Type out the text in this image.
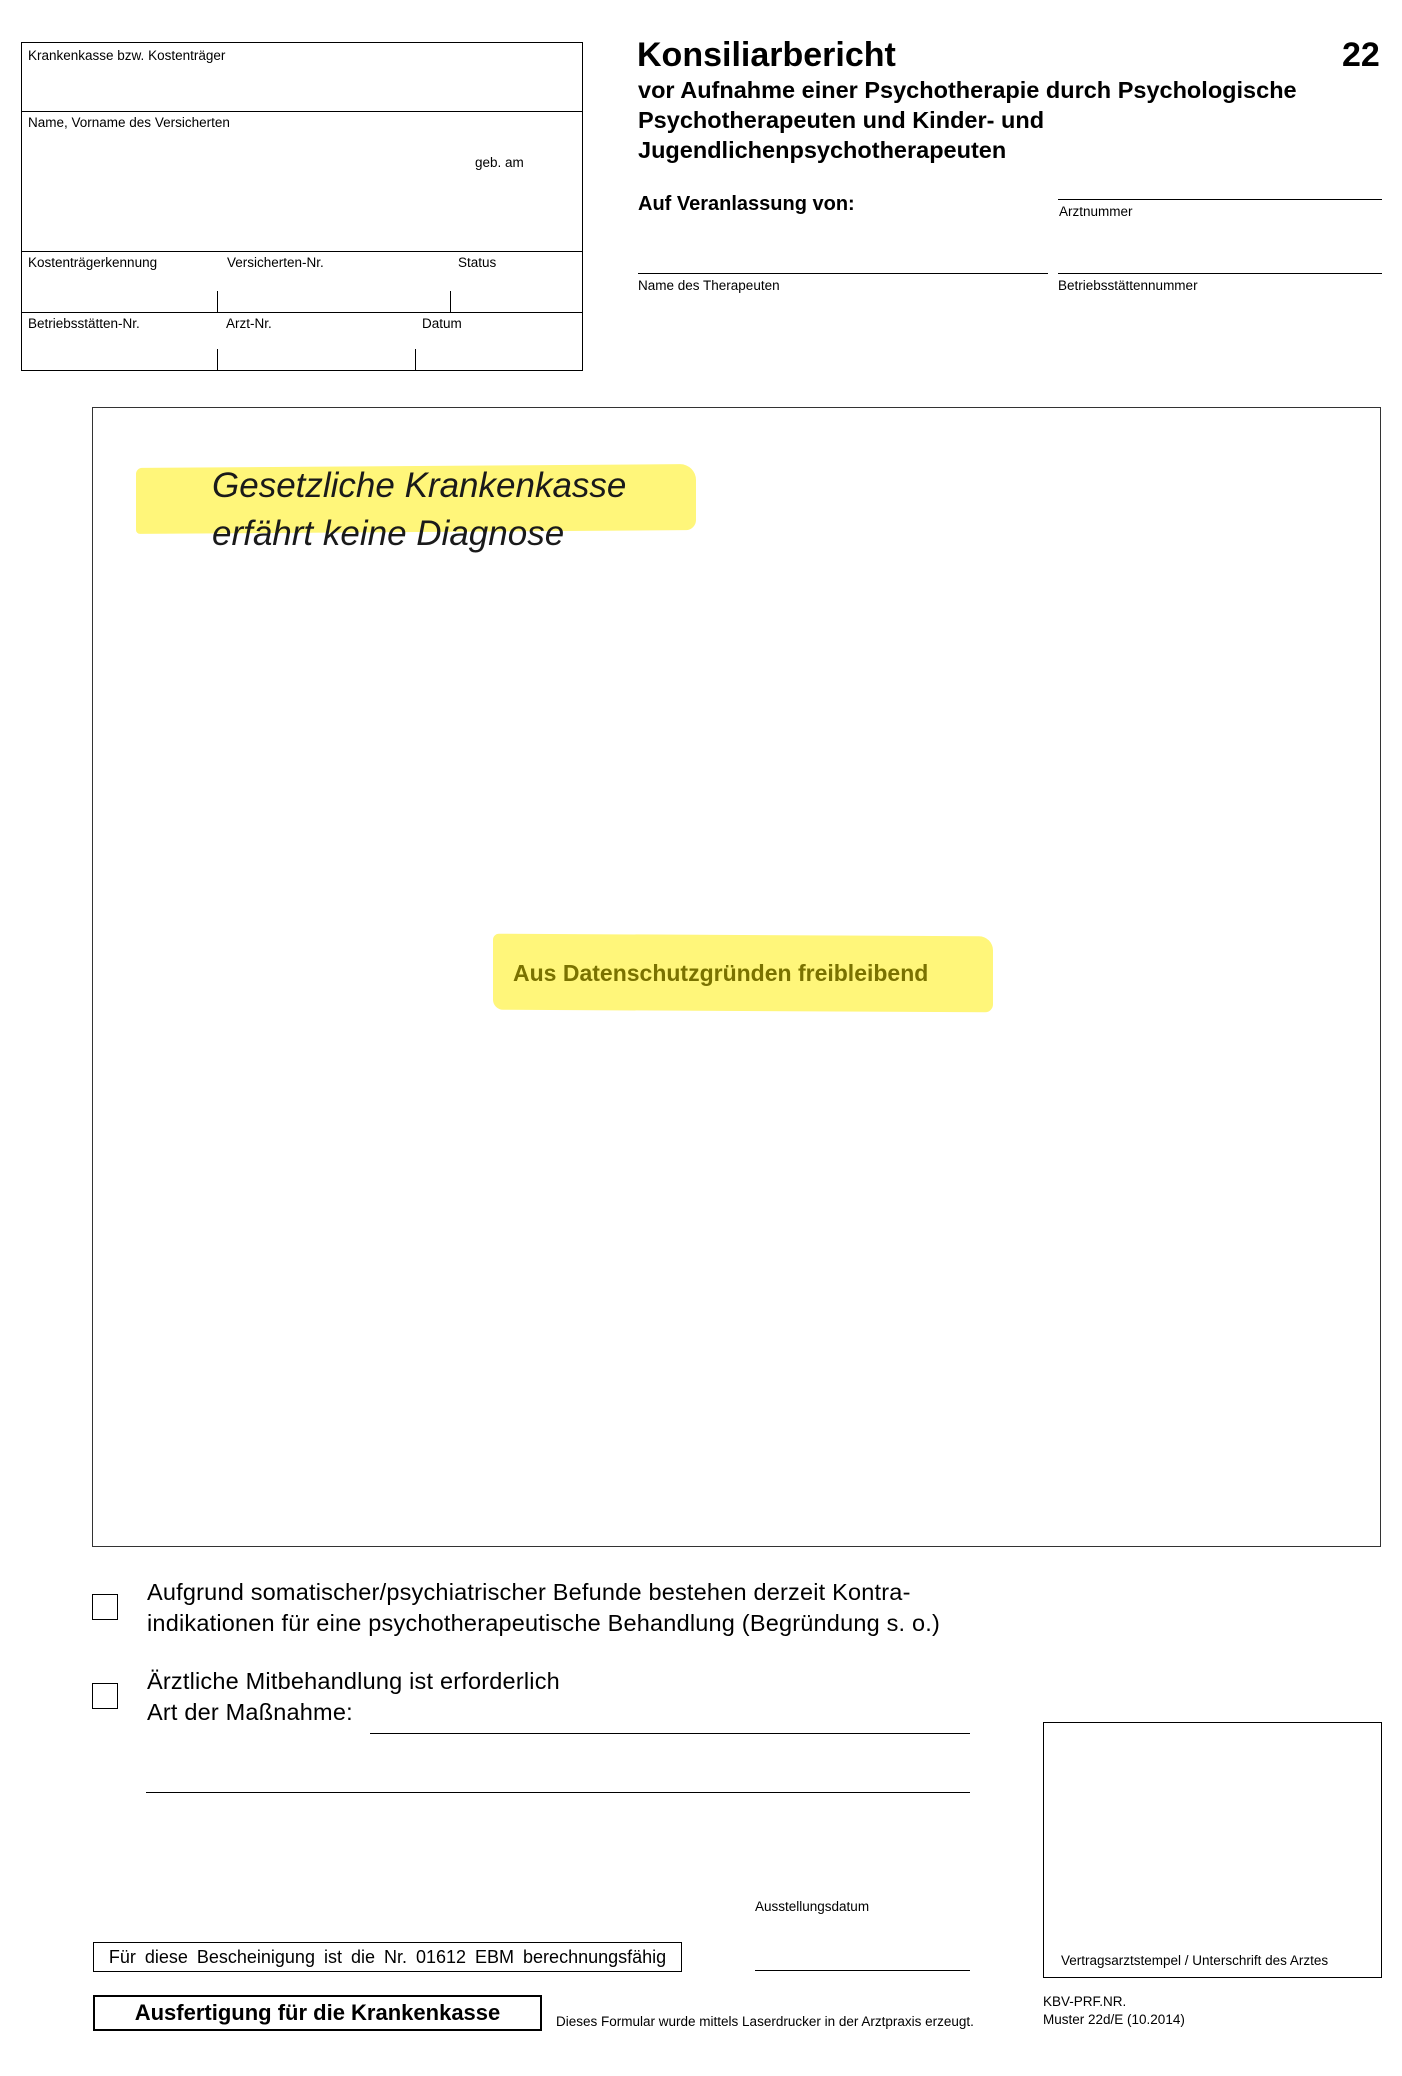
Krankenkasse bzw. Kostenträger
Name, Vorname des Versicherten
geb. am
Kostenträgerkennung	Versicherten-Nr.	Status
Betriebsstätten-Nr.	Arzt-Nr.	Datum
Konsiliarbericht	22
vor Aufnahme einer Psychotherapie durch Psychologische
Psychotherapeuten und Kinder- und
Jugendlichenpsychotherapeuten
Auf Veranlassung von:	Arztnummer
Name des Therapeuten	Betriebsstättennummer
Gesetzliche Krankenkasse
erfährt keine Diagnose
Aus Datenschutzgründen freibleibend
Aufgrund somatischer/psychiatrischer Befunde bestehen derzeit Kontra-
indikationen für eine psychotherapeutische Behandlung (Begründung s. o.)
Ärztliche Mitbehandlung ist erforderlich
Art der Maßnahme:
Ausstellungsdatum
Vertragsarztstempel / Unterschrift des Arztes
Für diese Bescheinigung ist die Nr. 01612 EBM berechnungsfähig
Ausfertigung für die Krankenkasse	Dieses Formular wurde mittels Laserdrucker in der Arztpraxis erzeugt.
KBV-PRF.NR.
Muster 22d/E (10.2014)
